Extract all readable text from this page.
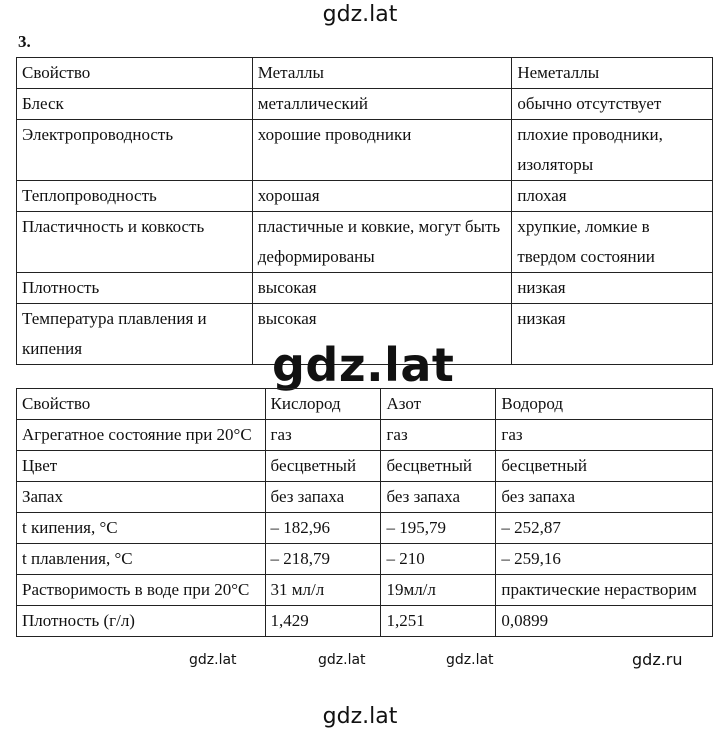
gdz.lat
3.
Свойство	Металлы	Неметаллы
Блеск	металлический	обычно отсутствует
Электропроводность	хорошие проводники	плохие проводники, изоляторы
Теплопроводность	хорошая	плохая
Пластичность и ковкость	пластичные и ковкие, могут быть деформированы	хрупкие, ломкие в твердом состоянии
Плотность	высокая	низкая
Температура плавления и кипения	высокая	низкая
gdz.lat
Свойство	Кислород	Азот	Водород
Агрегатное состояние при 20°C	газ	газ	газ
Цвет	бесцветный	бесцветный	бесцветный
Запах	без запаха	без запаха	без запаха
t кипения, °C	– 182,96	– 195,79	– 252,87
t плавления, °C	– 218,79	– 210	– 259,16
Растворимость в воде при 20°C	31 мл/л	19мл/л	практические нерастворим
Плотность (г/л)	1,429	1,251	0,0899
gdz.lat	gdz.lat	gdz.lat	gdz.ru
gdz.lat
